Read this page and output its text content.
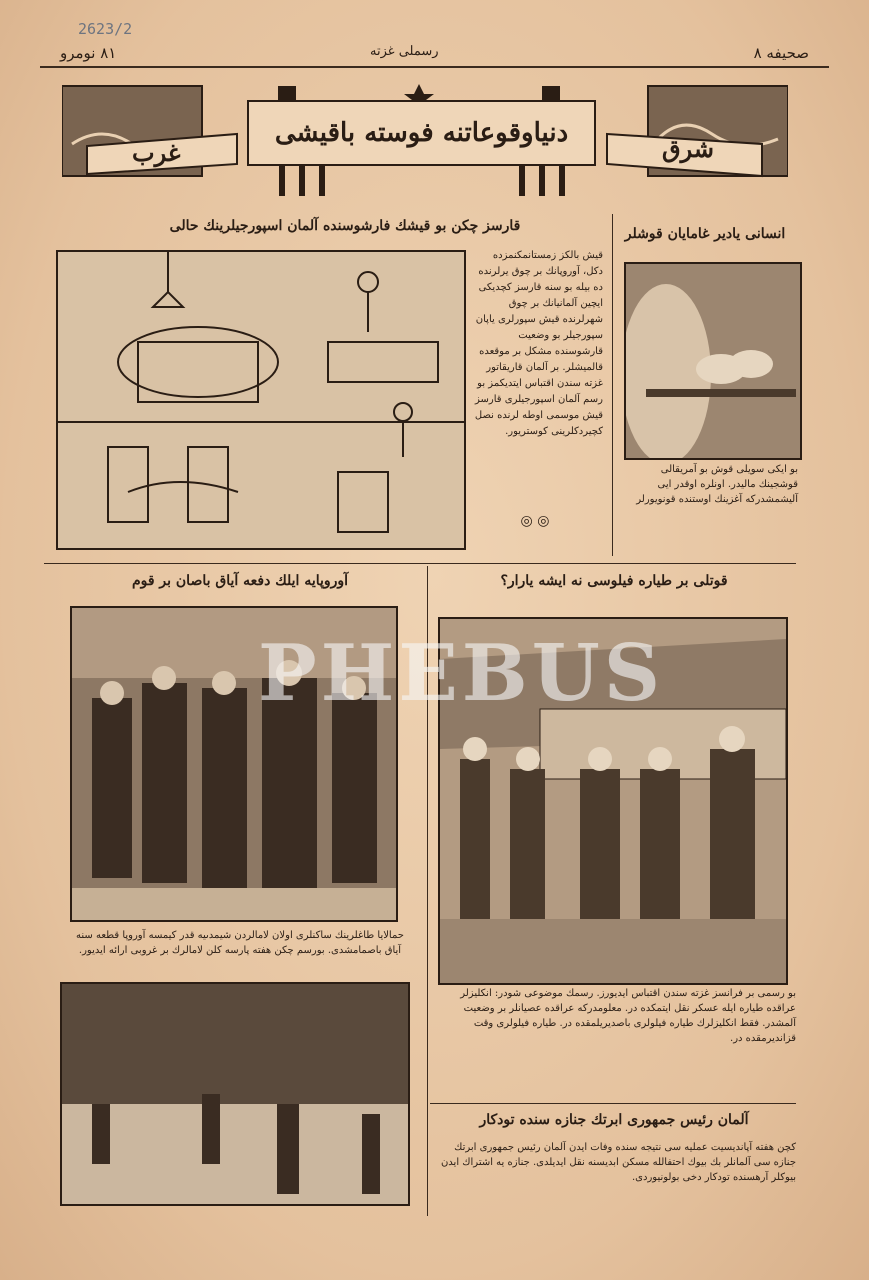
2623/2
٨١ نومرو	رسملى غزته	صحيفه ٨
دنياوقوعاتنه فوسته باقيشى
غرب	شرق
قارسز چكن بو قيشك فارشوسنده آلمان اسپورجيلرينك حالى
قيش بالكز زمستانمكنمزده دكل، آوروپانك بر چوق يرلرنده ده بيله بو سنه قارسز كچديكى ايچين آلمانيانك بر چوق شهرلرنده قيش سپورلرى ياپان سپورجيلر بو وضعيت قارشوسنده مشكل بر موقعده قالميشلر. بر آلمان قاريقاتور غزته سندن اقتباس ايتديكمز بو رسم آلمان اسپورجيلرى قارسز قيش موسمى اوطه لرنده نصل كچيردكلرينى كوستريور.
◎ ◎
انسانى يادير غامايان قوشلر
بو ايكى سويلى قوش بو آمريقالى قوشجينك ماليدر. اونلره اوقدر ايى آليشمشدركه آغزينك اوستنده قونويورلر
آوروپايه ايلك دفعه آياق باصان بر قوم
حمالايا طاغلرينك ساكنلرى اولان لامالردن شيمدىيه قدر كيمسه آوروپا قطعه سنه آياق باصمامشدى. بورسم چكن هفته پارسه كلن لامالرك بر غروبى ارائه ايديور.
قوتلى بر طياره فيلوسى نه ايشه يارار؟
بو رسمى بر فرانسز غزته سندن اقتباس ايديورز. رسمك موضوعى شودر: انكليزلر عراقده طياره ايله عسكر نقل ايتمكده در. معلومدركه عراقده عصيانلر بر وضعيت آلمشدر. فقط انكليزلرك طياره فيلولرى باصديريلمقده در. طياره فيلولرى وقت قزانديرمقده در.
آلمان رئيس جمهورى ابرتك جنازه سنده تودكار
كچن هفته آپانديسيت عمليه سى نتيجه سنده وفات ايدن آلمان رئيس جمهورى ابرتك جنازه سى آلمانلر بك بيوك احتفالله مسكن ابديسنه نقل ايديلدى. جنازه يه اشتراك ايدن بيوكلر آرهسنده تودكار دخى بولونيوردى.
PHEBUS
